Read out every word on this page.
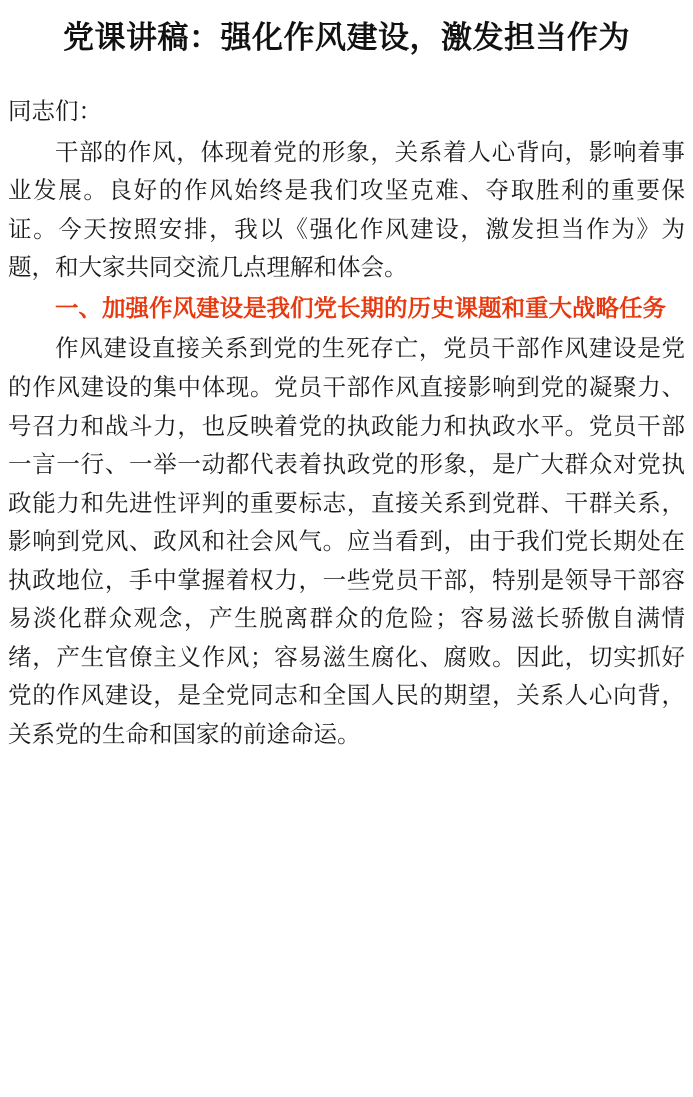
党课讲稿：强化作风建设，激发担当作为

同志们：

干部的作风，体现着党的形象，关系着人心背向，影响着事业发展。良好的作风始终是我们攻坚克难、夺取胜利的重要保证。今天按照安排，我以《强化作风建设，激发担当作为》为题，和大家共同交流几点理解和体会。

一、加强作风建设是我们党长期的历史课题和重大战略任务

作风建设直接关系到党的生死存亡，党员干部作风建设是党的作风建设的集中体现。党员干部作风直接影响到党的凝聚力、号召力和战斗力，也反映着党的执政能力和执政水平。党员干部一言一行、一举一动都代表着执政党的形象，是广大群众对党执政能力和先进性评判的重要标志，直接关系到党群、干群关系，影响到党风、政风和社会风气。应当看到，由于我们党长期处在执政地位，手中掌握着权力，一些党员干部，特别是领导干部容易淡化群众观念，产生脱离群众的危险；容易滋长骄傲自满情绪，产生官僚主义作风；容易滋生腐化、腐败。因此，切实抓好党的作风建设，是全党同志和全国人民的期望，关系人心向背，关系党的生命和国家的前途命运。
